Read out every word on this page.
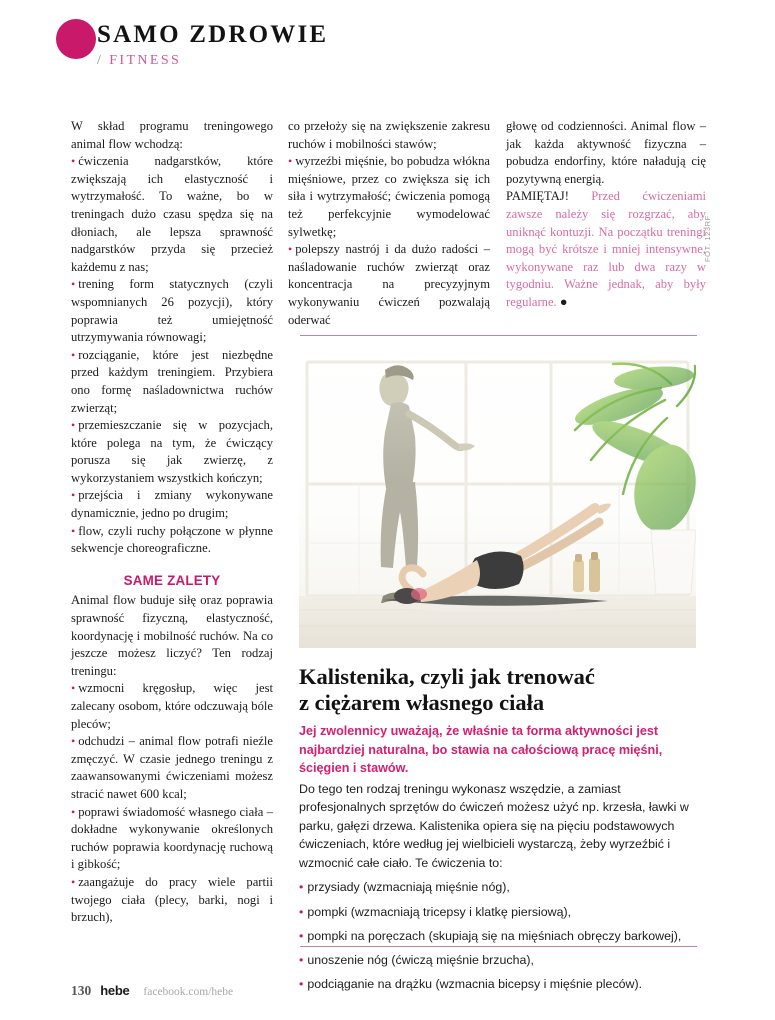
SAMO ZDROWIE
/ FITNESS

W skład programu treningowego animal flow wchodzą:

• ćwiczenia nadgarstków, które zwiększają ich elastyczność i wytrzymałość. To ważne, bo w treningach dużo czasu spędza się na dłoniach, ale lepsza sprawność nadgarstków przyda się przecież każdemu z nas;

• trening form statycznych (czyli wspomnianych 26 pozycji), który poprawia też umiejętność utrzymywania równowagi;

• rozciąganie, które jest niezbędne przed każdym treningiem. Przybiera ono formę naśladownictwa ruchów zwierząt;

• przemieszczanie się w pozycjach, które polega na tym, że ćwiczący porusza się jak zwierzę, z wykorzystaniem wszystkich kończyn;

• przejścia i zmiany wykonywane dynamicznie, jedno po drugim;

• flow, czyli ruchy połączone w płynne sekwencje choreograficzne.

SAME ZALETY

Animal flow buduje siłę oraz poprawia sprawność fizyczną, elastyczność, koordynację i mobilność ruchów. Na co jeszcze możesz liczyć? Ten rodzaj treningu:

• wzmocni kręgosłup, więc jest zalecany osobom, które odczuwają bóle pleców;

• odchudzi – animal flow potrafi nieźle zmęczyć. W czasie jednego treningu z zaawansowanymi ćwiczeniami możesz stracić nawet 600 kcal;

• poprawi świadomość własnego ciała – dokładne wykonywanie określonych ruchów poprawia koordynację ruchową i gibkość;

• zaangażuje do pracy wiele partii twojego ciała (plecy, barki, nogi i brzuch),

co przełoży się na zwiększenie zakresu ruchów i mobilności stawów;

• wyrzeźbi mięśnie, bo pobudza włókna mięśniowe, przez co zwiększa się ich siła i wytrzymałość; ćwiczenia pomogą też perfekcyjnie wymodelować sylwetkę;

• polepszy nastrój i da dużo radości – naśladowanie ruchów zwierząt oraz koncentracja na precyzyjnym wykonywaniu ćwiczeń pozwalają oderwać

głowę od codzienności. Animal flow – jak każda aktywność fizyczna – pobudza endorfiny, które naładują cię pozytywną energią.

PAMIĘTAJ! Przed ćwiczeniami zawsze należy się rozgrzać, aby uniknąć kontuzji. Na początku treningi mogą być krótsze i mniej intensywne, wykonywane raz lub dwa razy w tygodniu. Ważne jednak, aby były regularne. ●

FOT. 123RF
Kalistenika, czyli jak trenować
z ciężarem własnego ciała

Jej zwolennicy uważają, że właśnie ta forma aktywności jest najbardziej naturalna, bo stawia na całościową pracę mięśni, ścięgien i stawów.

Do tego ten rodzaj treningu wykonasz wszędzie, a zamiast profesjonalnych sprzętów do ćwiczeń możesz użyć np. krzesła, ławki w parku, gałęzi drzewa. Kalistenika opiera się na pięciu podstawowych ćwiczeniach, które według jej wielbicieli wystarczą, żeby wyrzeźbić i wzmocnić całe ciało. Te ćwiczenia to:

• przysiady (wzmacniają mięśnie nóg),
• pompki (wzmacniają tricepsy i klatkę piersiową),
• pompki na poręczach (skupiają się na mięśniach obręczy barkowej),
• unoszenie nóg (ćwiczą mięśnie brzucha),
• podciąganie na drążku (wzmacnia bicepsy i mięśnie pleców).
130 hebe facebook.com/hebe
